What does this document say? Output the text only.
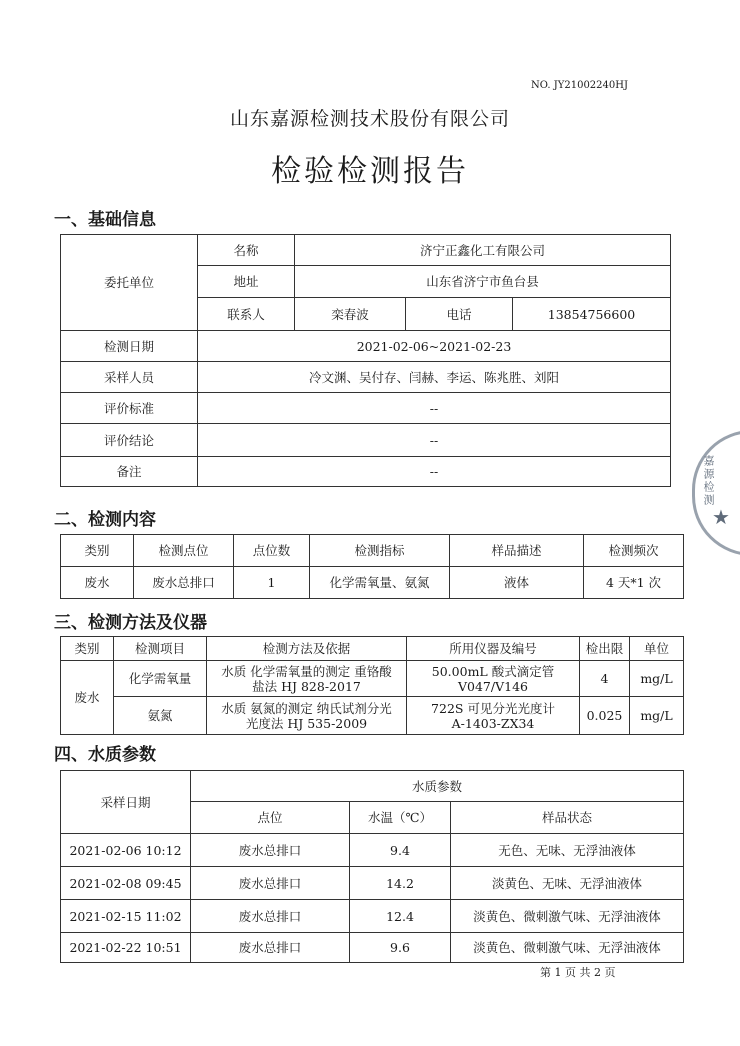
NO. JY21002240HJ
山东嘉源检测技术股份有限公司
检验检测报告
一、基础信息
委托单位	名称	济宁正鑫化工有限公司		
	地址	山东省济宁市鱼台县		
	联系人	栾春波	电话	13854756600
检测日期	2021-02-06~2021-02-23			
采样人员	冷文渊、吴付存、闫赫、李运、陈兆胜、刘阳			
评价标准	--			
评价结论	--			
备注	--			
二、检测内容
类别	检测点位	点位数	检测指标	样品描述	检测频次
废水	废水总排口	1	化学需氧量、氨氮	液体	4 天*1 次
三、检测方法及仪器
类别	检测项目	检测方法及依据	所用仪器及编号	检出限	单位
废水	化学需氧量	水质 化学需氧量的测定 重铬酸
盐法 HJ 828-2017	50.00mL 酸式滴定管
V047/V146	4	mg/L
	氨氮	水质 氨氮的测定 纳氏试剂分光
光度法 HJ 535-2009	722S 可见分光光度计
A-1403-ZX34	0.025	mg/L
四、水质参数
采样日期	水质参数		
	点位	水温（℃）	样品状态
2021-02-06 10:12	废水总排口	9.4	无色、无味、无浮油液体
2021-02-08 09:45	废水总排口	14.2	淡黄色、无味、无浮油液体
2021-02-15 11:02	废水总排口	12.4	淡黄色、微刺激气味、无浮油液体
2021-02-22 10:51	废水总排口	9.6	淡黄色、微刺激气味、无浮油液体
嘉源检测
★
第 1 页 共 2 页
